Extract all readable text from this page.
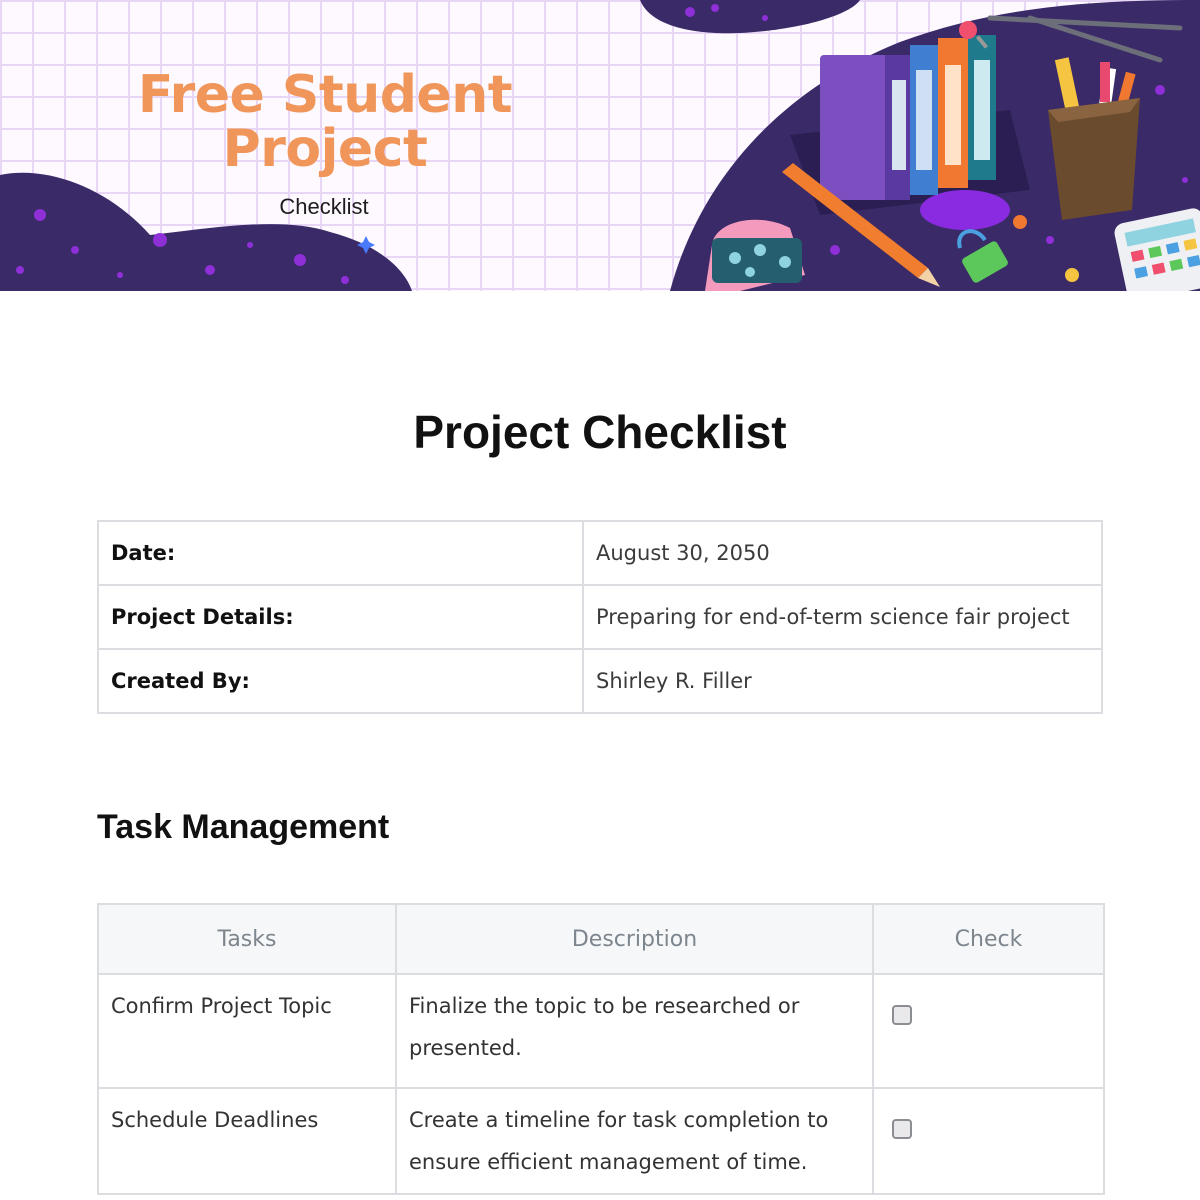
Free Student Project
Checklist
Project Checklist
Date:	August 30, 2050
Project Details:	Preparing for end-of-term science fair project
Created By:	Shirley R. Filler
Task Management
Tasks	Description	Check
Confirm Project Topic	Finalize the topic to be researched or presented.	
Schedule Deadlines	Create a timeline for task completion to ensure efficient management of time.	
